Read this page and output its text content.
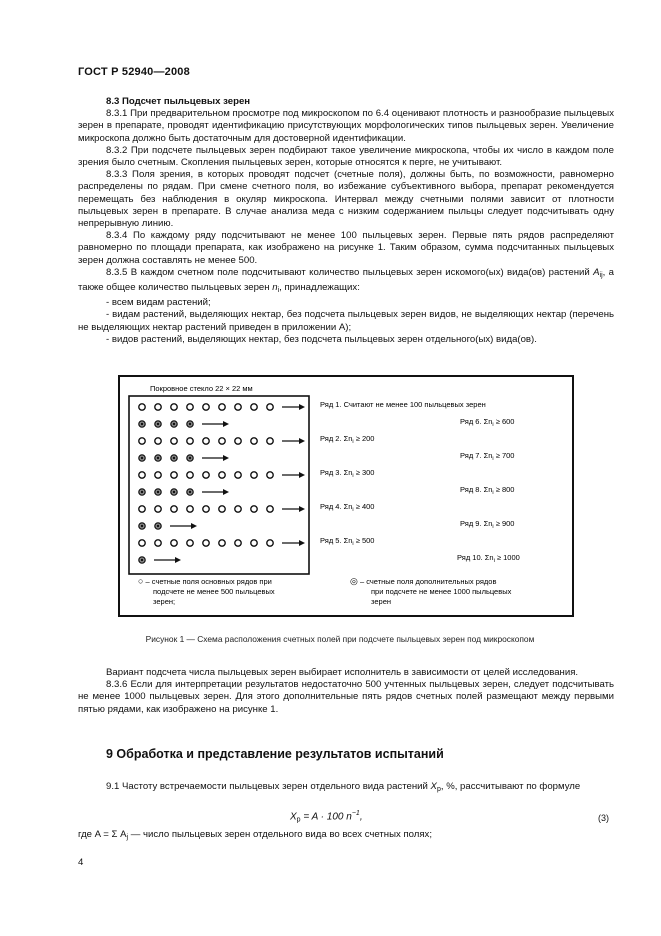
ГОСТ Р 52940—2008

8.3 Подсчет пыльцевых зерен

8.3.1 При предварительном просмотре под микроскопом по 6.4 оценивают плотность и разнообразие пыльцевых зерен в препарате, проводят идентификацию присутствующих морфологических типов пыльцевых зерен. Увеличение микроскопа должно быть достаточным для достоверной идентификации.

8.3.2 При подсчете пыльцевых зерен подбирают такое увеличение микроскопа, чтобы их число в каждом поле зрения было счетным. Скопления пыльцевых зерен, которые относятся к перге, не учитывают.

8.3.3 Поля зрения, в которых проводят подсчет (счетные поля), должны быть, по возможности, равномерно распределены по рядам. При смене счетного поля, во избежание субъективного выбора, препарат рекомендуется перемещать без наблюдения в окуляр микроскопа. Интервал между счетными полями зависит от плотности пыльцевых зерен в препарате. В случае анализа меда с низким содержанием пыльцы следует подсчитывать одну непрерывную линию.

8.3.4 По каждому ряду подсчитывают не менее 100 пыльцевых зерен. Первые пять рядов распределяют равномерно по площади препарата, как изображено на рисунке 1. Таким образом, сумма подсчитанных пыльцевых зерен должна составлять не менее 500.

8.3.5 В каждом счетном поле подсчитывают количество пыльцевых зерен искомого(ых) вида(ов) растений $A_{ij}$, а также общее количество пыльцевых зерен $n_i$, принадлежащих:

- всем видам растений;

- видам растений, выделяющих нектар, без подсчета пыльцевых зерен видов, не выделяющих нектар (перечень не выделяющих нектар растений приведен в приложении А);

- видов растений, выделяющих нектар, без подсчета пыльцевых зерен отдельного(ых) вида(ов).

Покровное стекло 22 × 22 мм
Ряд 1. Считают не менее 100 пыльцевых зерен
Ряд 2. $\Sigma n_i \ge 200$
Ряд 3. $\Sigma n_i \ge 300$
Ряд 4. $\Sigma n_i \ge 400$
Ряд 5. $\Sigma n_i \ge 500$
Ряд 6. $\Sigma n_i \ge 600$
Ряд 7. $\Sigma n_i \ge 700$
Ряд 8. $\Sigma n_i \ge 800$
Ряд 9. $\Sigma n_i \ge 900$
Ряд 10. $\Sigma n_i \ge 1000$
○ – счетные поля основных рядов при
подсчете не менее 500 пыльцевых
зерен;
◎ – счетные поля дополнительных рядов
при подсчете не менее 1000 пыльцевых
зерен
Рисунок 1 — Схема расположения счетных полей при подсчете пыльцевых зерен под микроскопом

Вариант подсчета числа пыльцевых зерен выбирает исполнитель в зависимости от целей исследования.

8.3.6 Если для интерпретации результатов недостаточно 500 учтенных пыльцевых зерен, следует подсчитывать не менее 1000 пыльцевых зерен. Для этого дополнительные пять рядов счетных полей размещают между первыми пятью рядами, как изображено на рисунке 1.

9 Обработка и представление результатов испытаний
9.1 Частоту встречаемости пыльцевых зерен отдельного вида растений $X_p$, %, рассчитывают по формуле
$X_p = A \cdot 100$ $n^{-1}$,	(3)
где A = Σ $A_j$ — число пыльцевых зерен отдельного вида во всех счетных полях;
4
